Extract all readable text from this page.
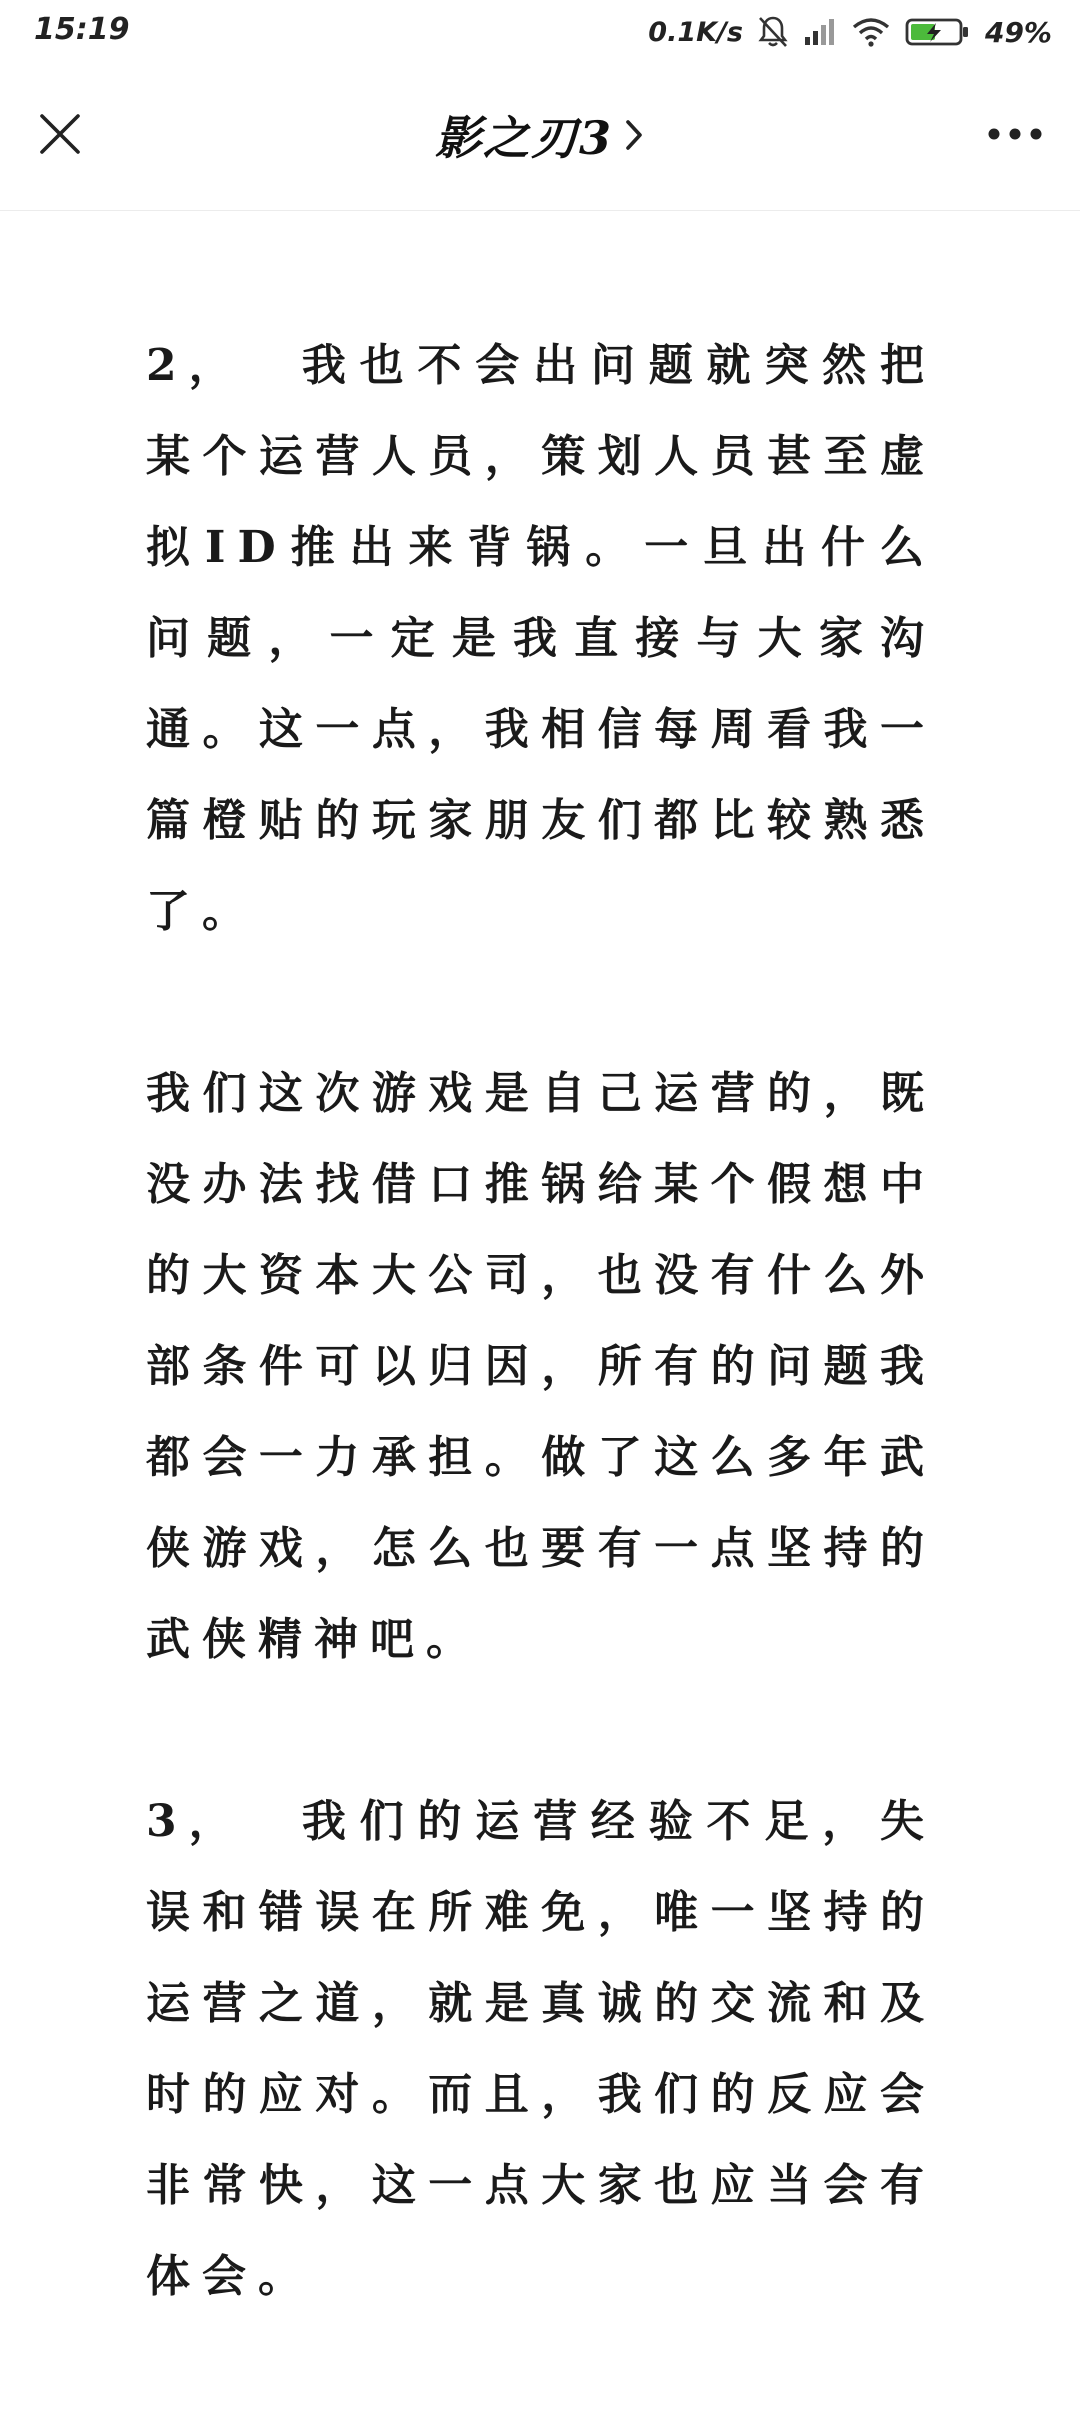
15:19	0.1K/s	49%
影之刃3

2， 我也不会出问题就突然把某个运营人员，策划人员甚至虚拟ID推出来背锅。一旦出什么问题，一定是我直接与大家沟通。这一点，我相信每周看我一篇橙贴的玩家朋友们都比较熟悉了。

我们这次游戏是自己运营的，既没办法找借口推锅给某个假想中的大资本大公司，也没有什么外部条件可以归因，所有的问题我都会一力承担。做了这么多年武侠游戏，怎么也要有一点坚持的武侠精神吧。

3， 我们的运营经验不足，失误和错误在所难免，唯一坚持的运营之道，就是真诚的交流和及时的应对。而且，我们的反应会非常快，这一点大家也应当会有体会。
